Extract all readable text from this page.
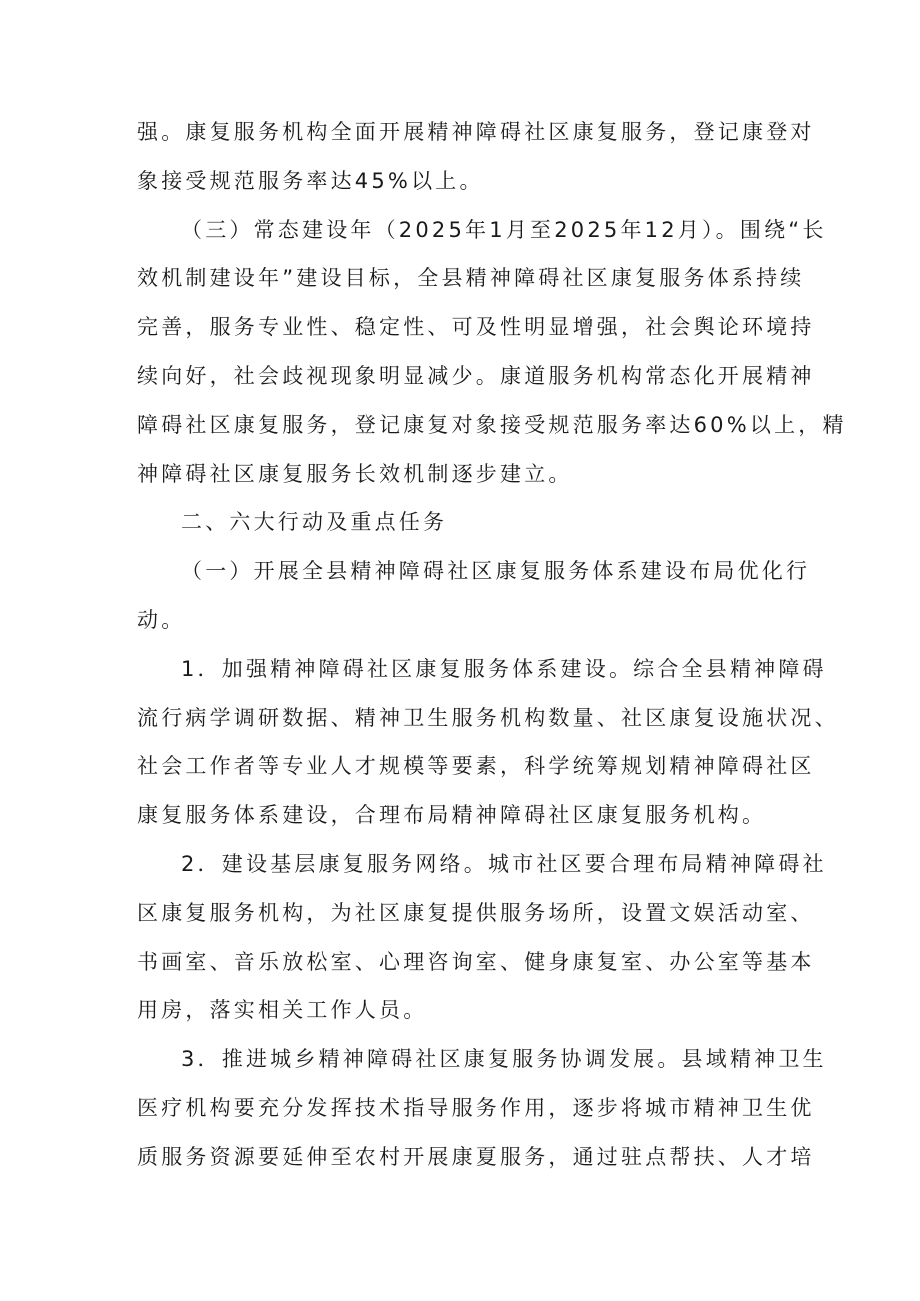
强。康复服务机构全面开展精神障碍社区康复服务，登记康登对
象接受规范服务率达45%以上。

（三）常态建设年（2025年1月至2025年12月）。围绕“长
效机制建设年”建设目标，全县精神障碍社区康复服务体系持续
完善，服务专业性、稳定性、可及性明显增强，社会舆论环境持
续向好，社会歧视现象明显减少。康道服务机构常态化开展精神
障碍社区康复服务，登记康复对象接受规范服务率达60%以上，精
神障碍社区康复服务长效机制逐步建立。

二、六大行动及重点任务

（一）开展全县精神障碍社区康复服务体系建设布局优化行
动。

1．加强精神障碍社区康复服务体系建设。综合全县精神障碍
流行病学调研数据、精神卫生服务机构数量、社区康复设施状况、
社会工作者等专业人才规模等要素，科学统筹规划精神障碍社区
康复服务体系建设，合理布局精神障碍社区康复服务机构。

2．建设基层康复服务网络。城市社区要合理布局精神障碍社
区康复服务机构，为社区康复提供服务场所，设置文娱活动室、
书画室、音乐放松室、心理咨询室、健身康复室、办公室等基本
用房，落实相关工作人员。

3．推进城乡精神障碍社区康复服务协调发展。县域精神卫生
医疗机构要充分发挥技术指导服务作用，逐步将城市精神卫生优
质服务资源要延伸至农村开展康夏服务，通过驻点帮扶、人才培
